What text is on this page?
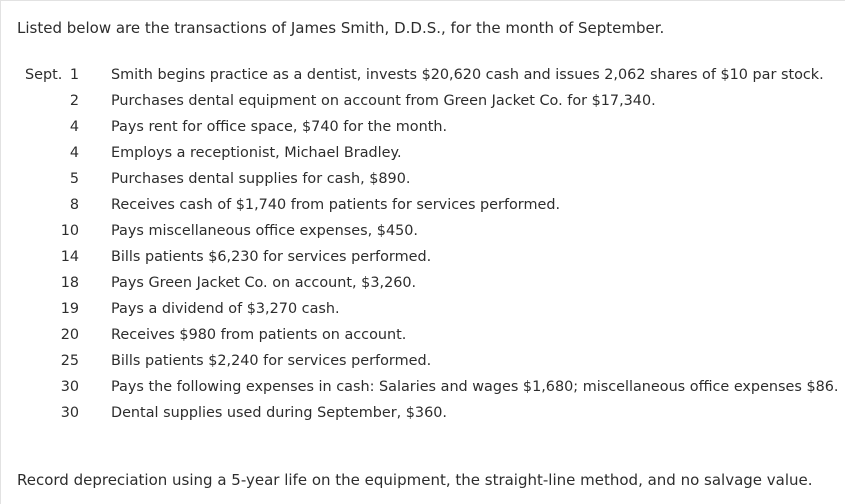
Listed below are the transactions of James Smith, D.D.S., for the month of September.
Sept. 1 Smith begins practice as a dentist, invests $20,620 cash and issues 2,062 shares of $10 par stock.
2 Purchases dental equipment on account from Green Jacket Co. for $17,340.
4 Pays rent for office space, $740 for the month.
4 Employs a receptionist, Michael Bradley.
5 Purchases dental supplies for cash, $890.
8 Receives cash of $1,740 from patients for services performed.
10 Pays miscellaneous office expenses, $450.
14 Bills patients $6,230 for services performed.
18 Pays Green Jacket Co. on account, $3,260.
19 Pays a dividend of $3,270 cash.
20 Receives $980 from patients on account.
25 Bills patients $2,240 for services performed.
30 Pays the following expenses in cash: Salaries and wages $1,680; miscellaneous office expenses $86.
30 Dental supplies used during September, $360.
Record depreciation using a 5-year life on the equipment, the straight-line method, and no salvage value.
